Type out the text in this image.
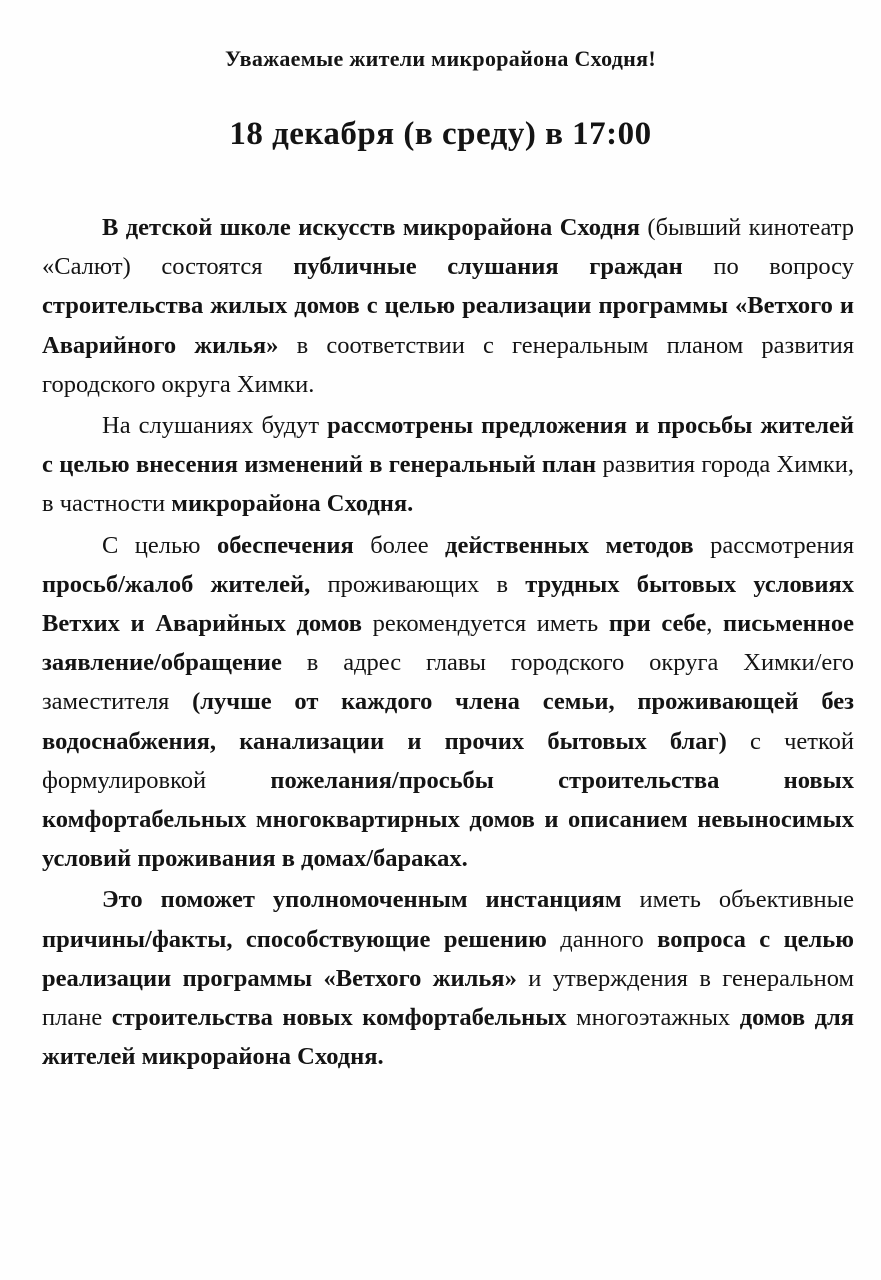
Уважаемые жители микрорайона Сходня!
18 декабря (в среду) в 17:00

В детской школе искусств микрорайона Сходня (бывший кинотеатр «Салют) состоятся публичные слушания граждан по вопросу строительства жилых домов с целью реализации программы «Ветхого и Аварийного жилья» в соответствии с генеральным планом развития городского округа Химки.

На слушаниях будут рассмотрены предложения и просьбы жителей с целью внесения изменений в генеральный план развития города Химки, в частности микрорайона Сходня.

С целью обеспечения более действенных методов рассмотрения просьб/жалоб жителей, проживающих в трудных бытовых условиях Ветхих и Аварийных домов рекомендуется иметь при себе, письменное заявление/обращение в адрес главы городского округа Химки/его заместителя (лучше от каждого члена семьи, проживающей без водоснабжения, канализации и прочих бытовых благ) с четкой формулировкой пожелания/просьбы строительства новых комфортабельных многоквартирных домов и описанием невыносимых условий проживания в домах/бараках.

Это поможет уполномоченным инстанциям иметь объективные причины/факты, способствующие решению данного вопроса с целью реализации программы «Ветхого жилья» и утверждения в генеральном плане строительства новых комфортабельных многоэтажных домов для жителей микрорайона Сходня.
